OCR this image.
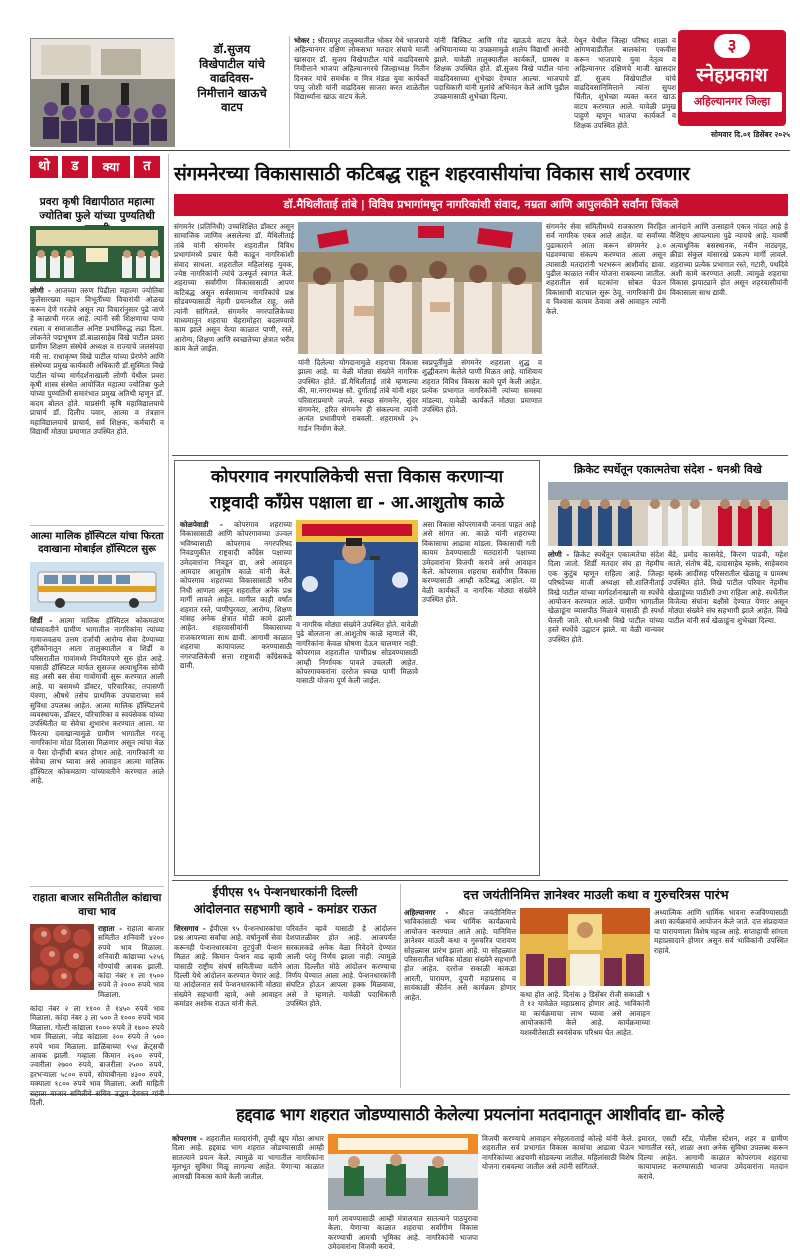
डॉ.सुजय
विखेपाटील यांचे
वाढदिवस-
निमीत्ताने खाऊचे
वाटप
भोकर : श्रीरामपूर तालुक्यातील भोकर येथे भाजपाचे अहिल्यानगर दक्षिण लोकसभा मतदार संघाचे माजी खासदार डॉ. सुजय विखेपाटील यांचे वाढदिवसाचे निमीत्ताने भाजपा अहिल्यानगरचे जिल्हाध्यक्ष नितीन दिनकर यांचे समर्थक व मित्र मंडळ युवा कार्यकर्ते पप्पु जोशी यांनी वाढदिवस साजरा करत शाळेतील विद्यार्थ्यांना खाऊ वाटप केले.
यांनी बिस्किट आणि गोड खाऊचे वाटप केले. अभियानाच्या या उपक्रमामुळे शालेय विद्यार्थी आनंदी झाले. यावेळी तालुक्यातील कार्यकर्ते, ग्रामस्थ व शिक्षक उपस्थित होते. डॉ.सुजय विखे पाटील यांना वाढदिवसाच्या शुभेच्छा देण्यात आल्या. भाजपाचे पदाधिकारी यांनी मुलांचे अभिनंदन केले आणि पुढील उपक्रमासाठी शुभेच्छा दिल्या.
येथुन येथील जिल्हा परिषद शाळा व आंगणवाडीतील बालकांना एकवीस करून भाजपाचे युवा नेतृत्व व अहिल्यानगर दक्षिणचे माजी खासदार डॉ. सुजय विखेपाटील यांचे वाढदिवसानिमित्ताने त्यांना सुयश चिंतीत, शुभेच्छा व्यक्त करत खाऊ वाटप करण्यात आले. यावेळी प्रमुख पाहुणे म्हणून भाजपा कार्यकर्ते व शिक्षक उपस्थित होते.
३
स्नेहप्रकाश
अहिल्यानगर जिल्हा
सोमवार दि.०१ डिसेंबर २०२५
थो	ड	क्या	त
प्रवरा कृषी विद्यापीठात महात्मा ज्योतिबा फुले यांच्या पुण्यतिथी
लोणी - आजच्या तरुण पिढीला महात्मा ज्योतिबा फुलेंसारख्या महान विभूतींच्या विचारांची ओळख करून देणे गरजेचे असून त्या विचारांनुसार पुढे जाणे हे काळाची गरज आहे. त्यांनी स्त्री शिक्षणाचा पाया रचला व समाजातील अनिष्ट प्रथांविरुद्ध लढा दिला. लोकनेते पद्मभूषण डॉ.बाळासाहेब विखे पाटील प्रवरा ग्रामीण शिक्षण संस्थेचे अध्यक्ष व राज्याचे जलसंपदा मंत्री ना. राधाकृष्ण विखे पाटील यांच्या प्रेरणेने आणि संस्थेच्या प्रमुख कार्यकारी अधिकारी डॉ.सुस्मिता विखे पाटील यांच्या मार्गदर्शनाखाली लोणी येथील प्रवरा कृषी शास्त्र संस्थेत आयोजित महात्मा ज्योतिबा फुले यांच्या पुण्यतिथी समारंभात प्रमुख अतिथी म्हणून डॉ. कदम बोलत होते. याप्रसंगी कृषि महाविद्यालयाचे प्राचार्य डॉ. दिलीप पवार, आत्मा व तंत्रज्ञान महाविद्यालयाचे प्राचार्य, सर्व शिक्षक, कर्मचारी व विद्यार्थी मोठ्या प्रमाणात उपस्थित होते.
आत्मा मालिक हॉस्पिटल यांचा फिरता दवाखाना मोबाईल हॉस्पिटल सुरू
शिर्डी - आत्मा मालिक हॉस्पिटल कोकमठाण यांच्यावतीने ग्रामीण भागातील नागरिकांना त्यांच्या गावाजवळच उत्तम दर्जाची आरोग्य सेवा देण्याच्या दृष्टीकोनातून आता तालुक्यातील व शिर्डी व परिसरातील गावांमध्ये नियमितपणे सुरु होत आहे. यासाठी हॉस्पिटल मार्फत सुसज्ज अत्याधुनिक सोयी सह असी बस सेवा गावोगावी सुरू करण्यात आली आहे. या बसमध्ये डॉक्टर, परिचारिका, तपासणी यंत्रणा, औषधे तसेच प्राथमिक उपचाराच्या सर्व सुविधा उपलब्ध आहेत. आत्मा मालिक हॉस्पिटलचे व्यवस्थापक, डॉक्टर, परिचारिका व स्वयंसेवक यांच्या उपस्थितीत या सेवेचा शुभारंभ करण्यात आला. या फिरत्या दवाखान्यामुळे ग्रामीण भागातील गरजू नागरिकांना मोठा दिलासा मिळणार असून त्यांचा वेळ व पैसा दोन्हींची बचत होणार आहे. नागरिकांनी या सेवेचा लाभ घ्यावा असे आवाहन आत्मा मालिक हॉस्पिटल कोकमठाण यांच्यावतीने करण्यात आले आहे.
राहाता बाजार समितीतील कांद्याचा वाचा भाव
राहाता - राहाता बाजार समितीत शनिवारी ४२०० रुपये भाव मिळाला. शनिवारी कांद्याच्या ५२५६ गोण्यांची आवक झाली. कांदा नंबर १ ला १५०० रुपये ते २००० रुपये भाव मिळाला.
कांदा नंबर २ ला ११०० ते १४५० रुपये भाव मिळाला. कांदा नंबर ३ ला ५०० ते १००० रुपये भाव मिळाला. गोल्टी कांद्याला १००० रुपये ते १७०० रुपये भाव मिळाला. जोड कांद्याला २०० रुपये ते ५०० रुपये भाव मिळाला. डाळिंबाच्या ९५४ क्रेट्सची आवक झाली. गव्हाला किमान २६०० रुपये, ज्वारीला २७०० रुपये, बाजरीला २५०० रुपये, हरभऱ्याला ५८०० रुपये, सोयाबीनला ४३०० रुपये, मक्याला १८०० रुपये भाव मिळाला. अशी माहिती दिली.
संगमनेरच्या विकासासाठी कटिबद्ध राहून शहरवासीयांचा विकास सार्थ ठरवणार
डॉ.मैथिलीताई तांबे | विविध प्रभागांमधून नागरिकांशी संवाद, नम्रता आणि आपुलकीने सर्वांना जिंकले
संगमनेर (प्रतिनिधी) उच्चशिक्षित डॉक्टर असून सामाजिक जाणिव असलेल्या डॉ. मैथिलीताई तांबे यांनी संगमनेर शहरातील विविध प्रभागांमध्ये प्रचार फेरी काढून नागरिकांशी संवाद साधला. शहरातील महिलांसह युवक, ज्येष्ठ नागरिकांनी त्यांचे उत्स्फूर्त स्वागत केले. शहराच्या सर्वांगीण विकासासाठी आपण कटिबद्ध असून सर्वसामान्य नागरिकांचे प्रश्न सोडवण्यासाठी नेहमी प्रयत्नशील राहू, असे त्यांनी सांगितले. संगमनेर नगरपालिकेच्या माध्यमातून शहराचा चेहरामोहरा बदलण्याचे काम झाले असून येत्या काळात पाणी, रस्ते, आरोग्य, शिक्षण आणि स्वच्छतेच्या क्षेत्रात भरीव काम केले जाईल.
यांनी दिलेल्या योगदानामुळे शहराचा विकास झाला आहे. या वेळी मोठ्या संख्येने नागरिक उपस्थित होते. डॉ.मैथिलीताई तांबे म्हणाल्या की, मा.नगराध्यक्ष सौ. दुर्गाताई तांबे यांनी शहर परिवाराप्रमाणे जपले. स्वच्छ संगमनेर, सुंदर संगमनेर, हरित संगमनेर ही संकल्पना त्यांनी अत्यंत प्रभावीपणे राबवली. शहरामध्ये ३५ गार्डन निर्माण केले.
स्वप्नपूर्तीमुळे संगमनेर शहराला शुद्ध व शुद्धीकरण केलेले पाणी मिळत आहे. याशिवाय शहरात विविध विकास कामे पूर्ण केली आहेत. प्रत्येक प्रभागात नागरिकांनी त्यांच्या समस्या मांडल्या. यावेळी कार्यकर्ते मोठ्या प्रमाणात उपस्थित होते.
संगमनेर सेवा समितीमध्ये राजकारण विरहित सर्व नागरिक एकत्र आले आहेत. या सर्वांच्या पुढाकाराने आता करून संगमनेर ३.० घडवण्याचा संकल्प करण्यात आला असून त्यासाठी मतदारांनी भरभरून आशीर्वाद द्यावा. पुढील काळात नवीन योजना राबवल्या जातील. शहरातील सर्व घटकांना सोबत घेऊन विकासाची वाटचाल सुरू ठेवू. नागरिकांनी प्रेम व विश्वास कायम ठेवावा असे आवाहन त्यांनी केले.
आनंदाने आणि उत्साहाने एकत्र नांदत आहे हे वैशिष्ट्य आपल्याला पुढे न्यायचे आहे. यावर्षी अत्याधुनिक बसस्थानक, नवीन नाट्यगृह, क्रीडा संकुल यांसारखे प्रकल्प मार्गी लावले. शहराच्या प्रत्येक प्रभागात रस्ते, गटारी, पथदिवे अशी कामे करण्यात आली. त्यामुळे शहराचा विकास झपाट्याने होत असून शहरवासीयांनी विकासाला साथ द्यावी.
कोपरगाव नगरपालिकेची सत्ता विकास करणाऱ्या
राष्ट्रवादी काँग्रेस पक्षाला द्या - आ.आशुतोष काळे
कोळपेवाडी - कोपरगाव शहराच्या विकासासाठी आणि कोपरगावच्या उज्वल भविष्यासाठी कोपरगाव नगरपरिषद निवडणुकीत राष्ट्रवादी काँग्रेस पक्षाच्या उमेदवारांना निवडून द्या, असे आवाहन आमदार आशुतोष काळे यांनी केले. कोपरगाव शहराच्या विकासासाठी भरीव निधी आणला असून शहरातील अनेक प्रश्न मार्गी लावले आहेत. मागील काही वर्षांत शहरात रस्ते, पाणीपुरवठा, आरोग्य, शिक्षण यांसह अनेक क्षेत्रात मोठी कामे झाली आहेत. शहरवासीयांनी विकासाच्या राजकारणाला साथ द्यावी. आगामी काळात शहराचा कायापालट करण्यासाठी नगरपालिकेची सत्ता राष्ट्रवादी काँग्रेसकडे द्यावी.
व नागरिक मोठ्या संख्येने उपस्थित होते. यावेळी पुढे बोलताना आ.आशुतोष काळे म्हणाले की, नागरिकांना केवळ घोषणा देऊन चालणार नाही. कोपरगाव शहरातील पाणीप्रश्न सोडवण्यासाठी आम्ही निर्णायक पावले उचलली आहेत. कोपरगावकरांना दररोज स्वच्छ पाणी मिळावे यासाठी योजना पूर्ण केली जाईल.
असा विकास कोपरगावची जनता पाहत आहे असे सांगत आ. काळे यांनी शहराच्या विकासाचा आढावा मांडला. विकासाची गती कायम ठेवण्यासाठी मतदारांनी पक्षाच्या उमेदवारांना विजयी करावे असे आवाहन केले. कोपरगाव शहराचा सर्वांगीण विकास करण्यासाठी आम्ही कटिबद्ध आहोत. या वेळी कार्यकर्ते व नागरिक मोठ्या संख्येने उपस्थित होते.
क्रिकेट स्पर्धेतून एकात्मतेचा संदेश - धनश्री विखे
लोणी - क्रिकेट स्पर्धेतून एकात्मतेचा संदेश दिला जातो. शिर्डी मतदार संघ हा नेहमीच एक कुटुंब म्हणून राहिला आहे. जिल्हा परिषदेच्या माजी अध्यक्षा सौ.शालिनीताई विखे पाटील यांच्या मार्गदर्शनाखाली या स्पर्धेचे आयोजन करण्यात आले. ग्रामीण भागातील खेळाडूंना व्यासपीठ मिळावे यासाठी ही स्पर्धा घेतली जाते. सौ.धनश्री विखे पाटील यांच्या हस्ते स्पर्धेचे उद्घाटन झाले. या वेळी मान्यवर उपस्थित होते.
बेंद्रे, प्रमोद कासवेडे, किरण पाडवी, महेश काले, संतोष बेंद्रे, दादासाहेब म्हस्के, साहेबराव म्हस्के आदींसह परिसरातील खेळाडू व ग्रामस्थ उपस्थित होते. विखे पाटील परिवार नेहमीच खेळाडूंच्या पाठीशी उभा राहिला आहे. स्पर्धेतील विजेत्या संघांना बक्षीसे देण्यात येणार असून मोठ्या संख्येने संघ सहभागी झाले आहेत. विखे पाटील यांनी सर्व खेळाडूंना शुभेच्छा दिल्या.
ईपीएस ९५ पेन्शनधारकांनी दिल्ली
आंदोलनात सहभागी व्हावे - कमांडर राऊत
शिरसगाव - ईपीएस ९५ पेन्शनधारकांचा प्रश्न आपल्या सर्वांचा आहे. वर्षानुवर्षे सेवा करूनही पेन्शनधारकांना तुटपुंजी पेन्शन मिळत आहे. किमान पेन्शन वाढ व्हावी यासाठी राष्ट्रीय संघर्ष समितीच्या वतीने दिल्ली येथे आंदोलन करण्यात येणार आहे. या आंदोलनात सर्व पेन्शनधारकांनी मोठ्या संख्येने सहभागी व्हावे, असे आवाहन कमांडर अशोक राऊत यांनी केले.
परिवर्तन व्हावे यासाठी हे आंदोलन देशपातळीवर होत आहे. आजपर्यंत सरकारकडे अनेक वेळा निवेदने देण्यात आली परंतु निर्णय झाला नाही. त्यामुळे आता दिल्लीत मोठे आंदोलन करण्याचा निर्णय घेण्यात आला आहे. पेन्शनधारकांनी संघटित होऊन आपला हक्क मिळवावा, असे ते म्हणाले. यावेळी पदाधिकारी उपस्थित होते.
दत्त जयंतीनिमित्त ज्ञानेश्वर माउली कथा व गुरुचरित्रस पारंभ
अहिल्यानगर - श्रीदत्त जयंतीनिमित्त भाविकांसाठी भव्य धार्मिक कार्यक्रमाचे आयोजन करण्यात आले आहे. यानिमित्त ज्ञानेश्वर माउली कथा व गुरुचरित्र पारायण सोहळ्यास प्रारंभ झाला आहे. या सोहळ्यात परिसरातील भाविक मोठ्या संख्येने सहभागी होत आहेत. दररोज सकाळी काकडा आरती, पारायण, दुपारी महाप्रसाद व सायंकाळी कीर्तन असे कार्यक्रम होणार आहेत.	कथा होत आहे. दिनांक ३ डिसेंबर रोजी सकाळी ९ ते १२ यावेळेत महाप्रसाद होणार आहे. भाविकांनी या कार्यक्रमाचा लाभ घ्यावा असे आवाहन आयोजकांनी केले आहे. कार्यक्रमाच्या यशस्वीतेसाठी स्वयंसेवक परिश्रम घेत आहेत.
अध्यात्मिक आणि धार्मिक भावना रुजविण्यासाठी अशा कार्यक्रमांचे आयोजन केले जाते. दत्त संप्रदायात या पारायणाला विशेष महत्त्व आहे. सप्ताहाची सांगता महाप्रसादाने होणार असून सर्व भाविकांनी उपस्थित राहावे.
हद्दवाढ भाग शहरात जोडण्यासाठी केलेल्या प्रयत्नांना मतदानातून आशीर्वाद द्या- कोल्हे
कोपरगाव - शहरातील मतदारांनी, तुम्ही खूप मोठा आधार दिला आहे. हद्दवाढ भाग शहरात जोडण्यासाठी आम्ही सातत्याने प्रयत्न केले. त्यामुळे या भागातील नागरिकांना मूलभूत सुविधा मिळू लागल्या आहेत. येणाऱ्या काळात आणखी विकास कामे केली जातील.
मार्ग लावण्यासाठी आम्ही मंत्रालयात सातत्याने पाठपुरावा केला. येणाऱ्या काळात शहराचा सर्वांगीण विकास करण्याची आमची भूमिका आहे. नागरिकांनी भाजपा उमेदवारांना विजयी करावे.
विजयी करण्याचे आवाहन स्नेहलताताई कोल्हे यांनी केले. शहरातील सर्व प्रभागांत विकास कामांचा आढावा घेऊन नागरिकांच्या अडचणी सोडवल्या जातील. महिलांसाठी विशेष योजना राबवल्या जातील असे त्यांनी सांगितले.
इमारत, एसटी स्टँड, पोलीस स्टेशन, शहर व ग्रामीण भागातील रस्ते, शाळा अशा अनेक सुविधा उपलब्ध करून दिल्या आहेत. आगामी काळात कोपरगाव शहराचा कायापालट करण्यासाठी भाजपा उमेदवारांना मतदान करावे.
